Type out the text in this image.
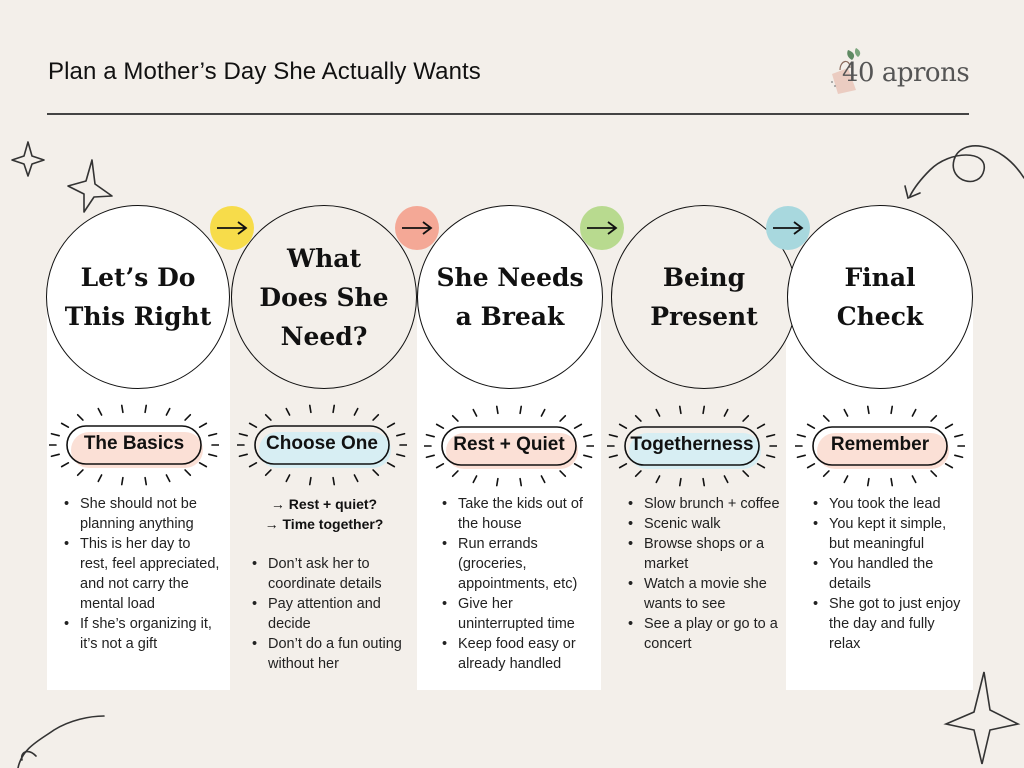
Plan a Mother’s Day She Actually Wants	40 aprons
Let’s Do
This Right
What
Does She
Need?
She Needs
a Break
Being
Present
Final
Check
The Basics	Choose One	Rest + Quiet	Togetherness	Remember
→ Rest + quiet?
→ Time together?
• She should not be planning anything
• This is her day to rest, feel appreciated, and not carry the mental load
• If she’s organizing it, it’s not a gift
• Don’t ask her to coordinate details
• Pay attention and decide
• Don’t do a fun outing without her
• Take the kids out of the house
• Run errands (groceries, appointments, etc)
• Give her uninterrupted time
• Keep food easy or already handled
• Slow brunch + coffee
• Scenic walk
• Browse shops or a market
• Watch a movie she wants to see
• See a play or go to a concert
• You took the lead
• You kept it simple, but meaningful
• You handled the details
• She got to just enjoy the day and fully relax
